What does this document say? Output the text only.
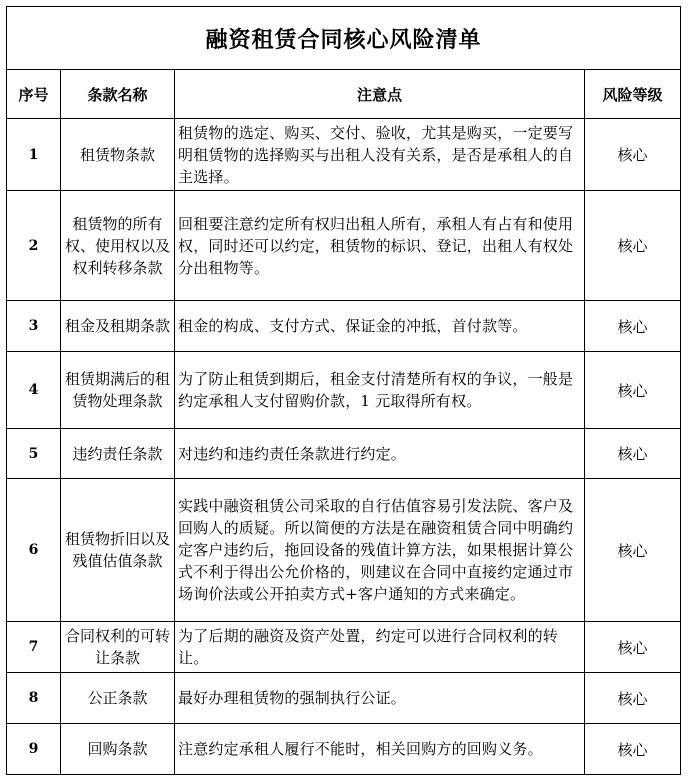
融资租赁合同核心风险清单			
序号	条款名称	注意点	风险等级
1	租赁物条款	租赁物的选定、购买、交付、验收，尤其是购买，一定要写明租赁物的选择购买与出租人没有关系，是否是承租人的自主选择。	核心
2	租赁物的所有权、使用权以及权利转移条款	回租要注意约定所有权归出租人所有，承租人有占有和使用权，同时还可以约定，租赁物的标识、登记，出租人有权处分出租物等。	核心
3	租金及租期条款	租金的构成、支付方式、保证金的冲抵，首付款等。	核心
4	租赁期满后的租赁物处理条款	为了防止租赁到期后，租金支付清楚所有权的争议，一般是约定承租人支付留购价款，1 元取得所有权。	核心
5	违约责任条款	对违约和违约责任条款进行约定。	核心
6	租赁物折旧以及残值估值条款	实践中融资租赁公司采取的自行估值容易引发法院、客户及回购人的质疑。所以简便的方法是在融资租赁合同中明确约定客户违约后，拖回设备的残值计算方法，如果根据计算公式不利于得出公允价格的，则建议在合同中直接约定通过市场询价法或公开拍卖方式+客户通知的方式来确定。	核心
7	合同权利的可转让条款	为了后期的融资及资产处置，约定可以进行合同权利的转让。	核心
8	公正条款	最好办理租赁物的强制执行公证。	核心
9	回购条款	注意约定承租人履行不能时，相关回购方的回购义务。	核心
